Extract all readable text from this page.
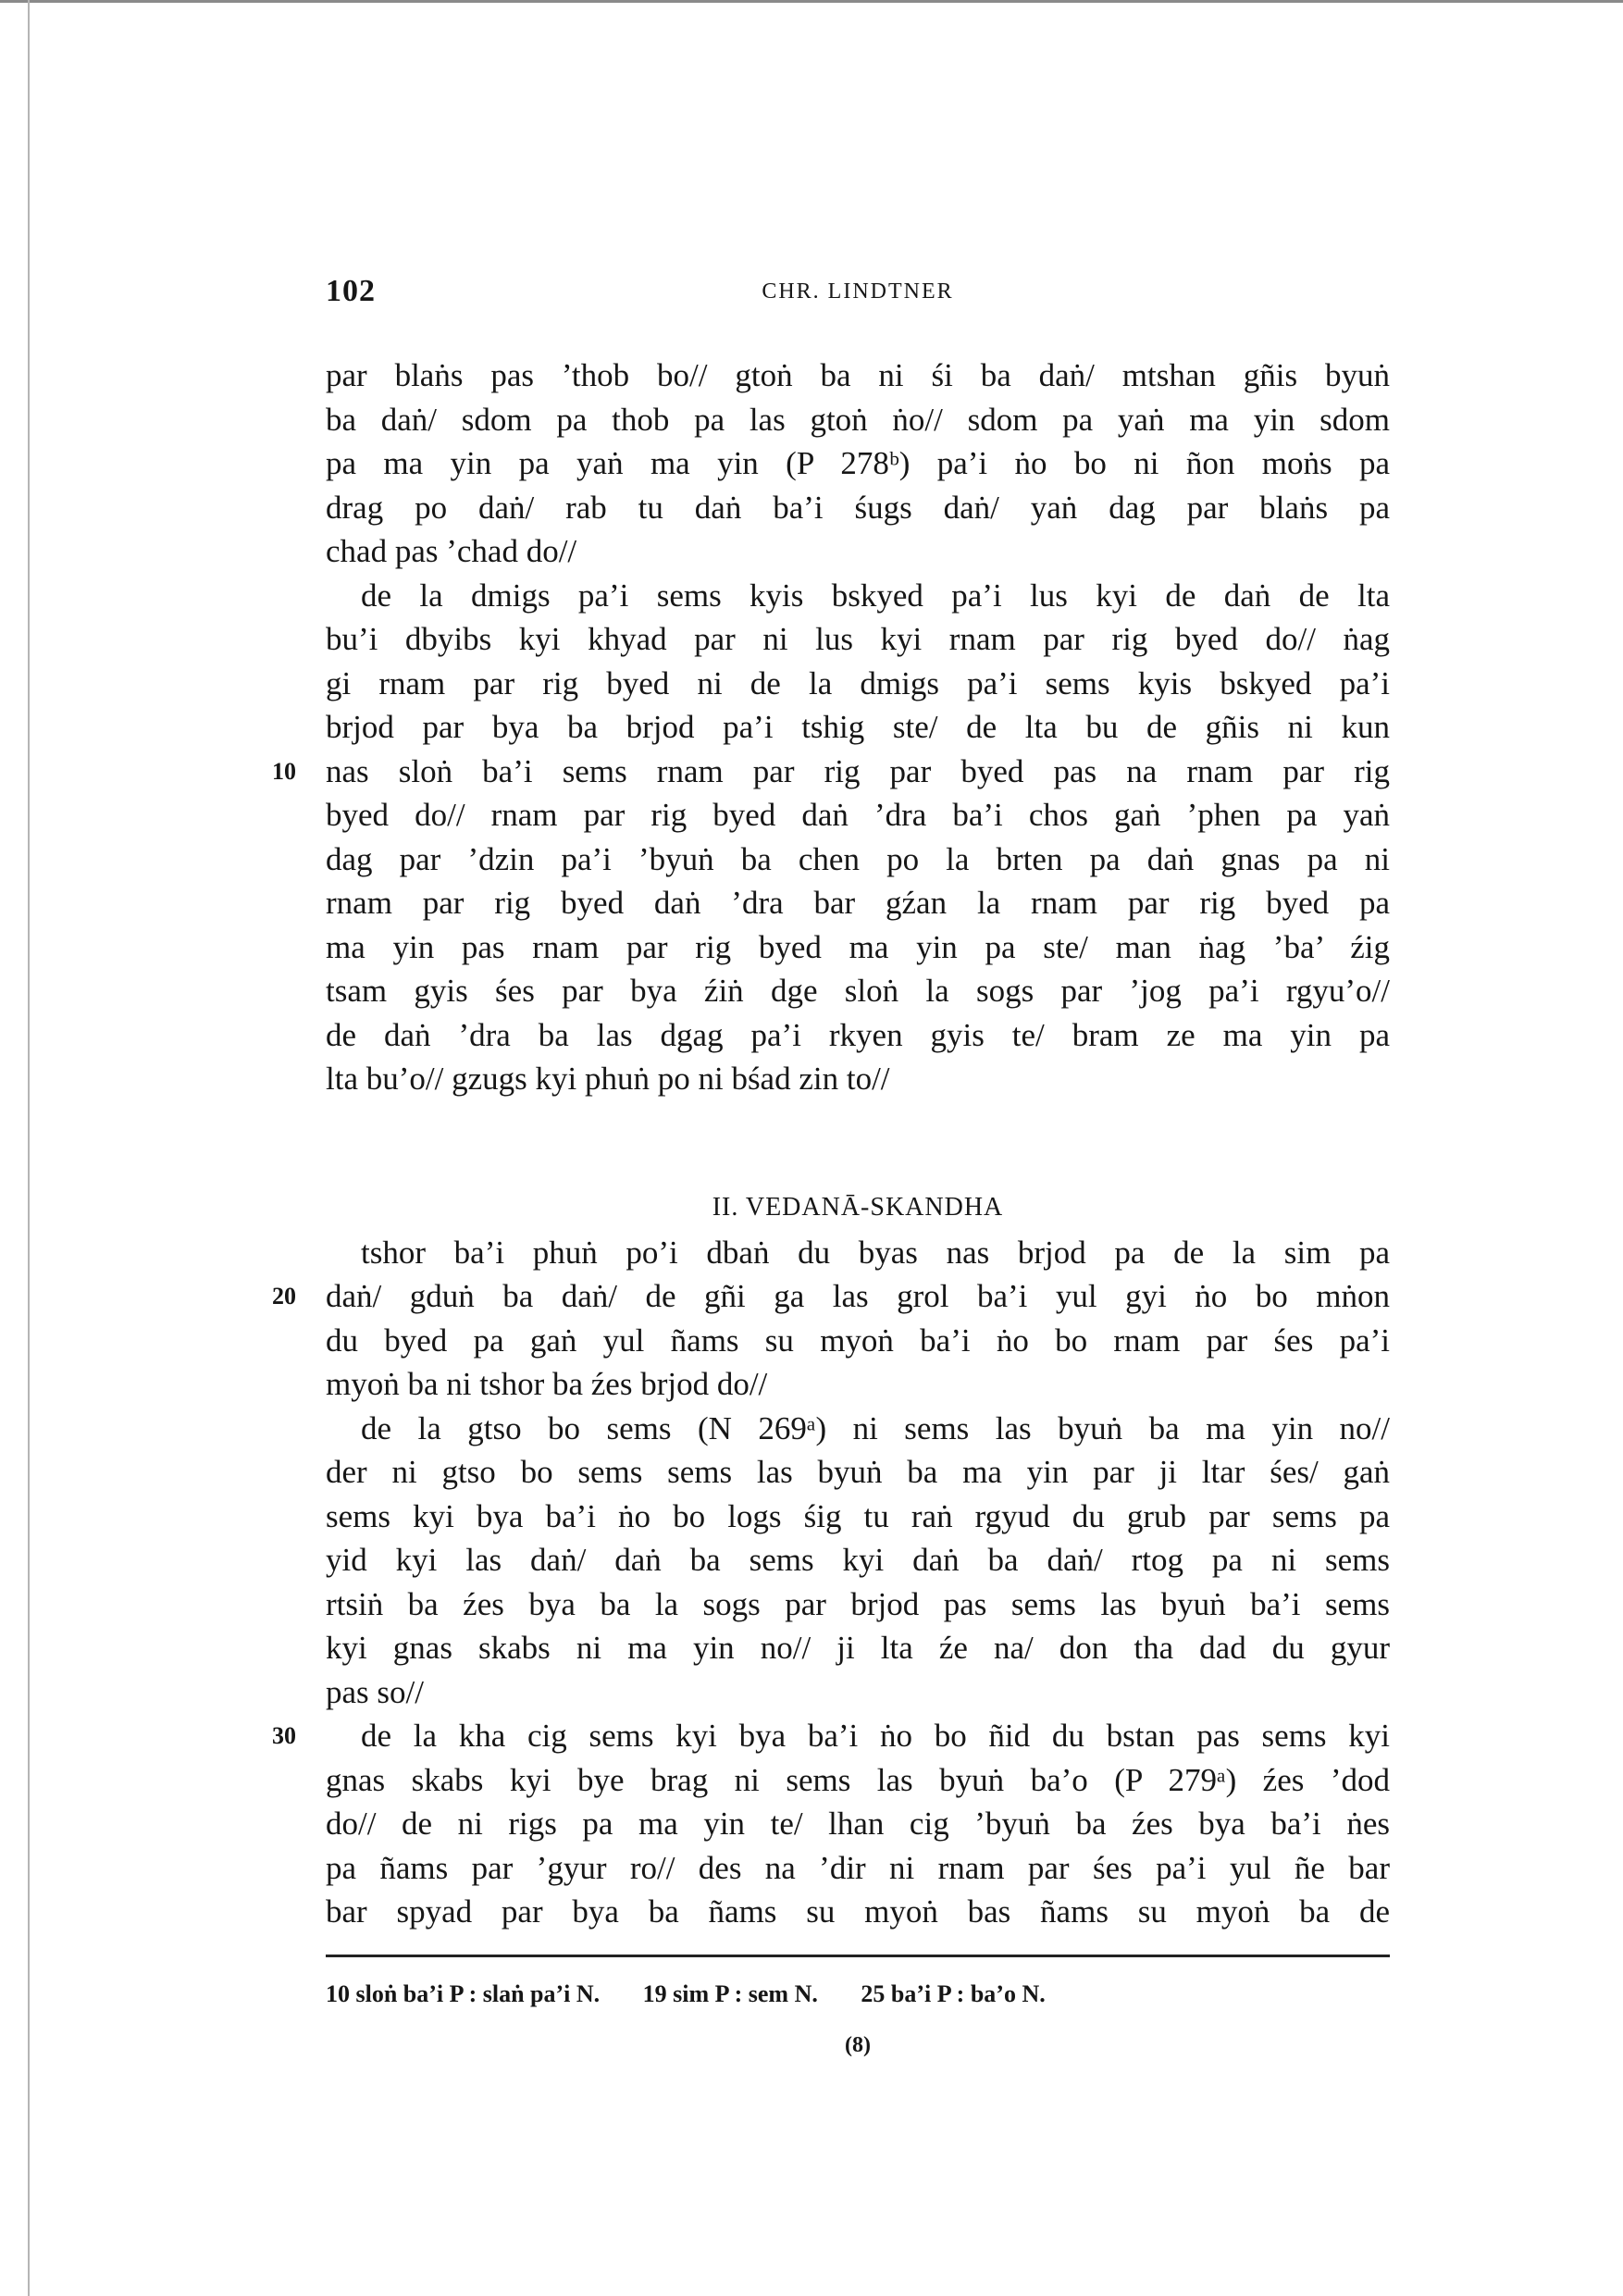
102	CHR. LINDTNER
par blaṅs pas ’thob bo// gtoṅ ba ni śi ba daṅ/ mtshan gñis byuṅ
ba daṅ/ sdom pa thob pa las gtoṅ ṅo// sdom pa yaṅ ma yin sdom
pa ma yin pa yaṅ ma yin (P 278ᵇ) pa’i ṅo bo ni ñon moṅs pa
drag po daṅ/ rab tu daṅ ba’i śugs daṅ/ yaṅ dag par blaṅs pa
chad pas ’chad do//
de la dmigs pa’i sems kyis bskyed pa’i lus kyi de daṅ de lta
bu’i dbyibs kyi khyad par ni lus kyi rnam par rig byed do// ṅag
gi rnam par rig byed ni de la dmigs pa’i sems kyis bskyed pa’i
brjod par bya ba brjod pa’i tshig ste/ de lta bu de gñis ni kun
10 nas sloṅ ba’i sems rnam par rig par byed pas na rnam par rig
byed do// rnam par rig byed daṅ ’dra ba’i chos gaṅ ’phen pa yaṅ
dag par ’dzin pa’i ’byuṅ ba chen po la brten pa daṅ gnas pa ni
rnam par rig byed daṅ ’dra bar gźan la rnam par rig byed pa
ma yin pas rnam par rig byed ma yin pa ste/ man ṅag ’ba’ źig
tsam gyis śes par bya źiṅ dge sloṅ la sogs par ’jog pa’i rgyu’o//
de daṅ ’dra ba las dgag pa’i rkyen gyis te/ bram ze ma yin pa
lta bu’o// gzugs kyi phuṅ po ni bśad zin to//
II. VEDANĀ-SKANDHA
tshor ba’i phuṅ po’i dbaṅ du byas nas brjod pa de la sim pa
20 daṅ/ gduṅ ba daṅ/ de gñi ga las grol ba’i yul gyi ṅo bo mṅon
du byed pa gaṅ yul ñams su myoṅ ba’i ṅo bo rnam par śes pa’i
myoṅ ba ni tshor ba źes brjod do//
de la gtso bo sems (N 269ᵃ) ni sems las byuṅ ba ma yin no//
der ni gtso bo sems sems las byuṅ ba ma yin par ji ltar śes/ gaṅ
sems kyi bya ba’i ṅo bo logs śig tu raṅ rgyud du grub par sems pa
yid kyi las daṅ/ daṅ ba sems kyi daṅ ba daṅ/ rtog pa ni sems
rtsiṅ ba źes bya ba la sogs par brjod pas sems las byuṅ ba’i sems
kyi gnas skabs ni ma yin no// ji lta źe na/ don tha dad du gyur
pas so//
30 de la kha cig sems kyi bya ba’i ṅo bo ñid du bstan pas sems kyi
gnas skabs kyi bye brag ni sems las byuṅ ba’o (P 279ᵃ) źes ’dod
do// de ni rigs pa ma yin te/ lhan cig ’byuṅ ba źes bya ba’i ṅes
pa ñams par ’gyur ro// des na ’dir ni rnam par śes pa’i yul ñe bar
bar spyad par bya ba ñams su myoṅ bas ñams su myoṅ ba de
10 sloṅ ba’i P : slaṅ pa’i N. 19 sim P : sem N. 25 ba’i P : ba’o N.
(8)
